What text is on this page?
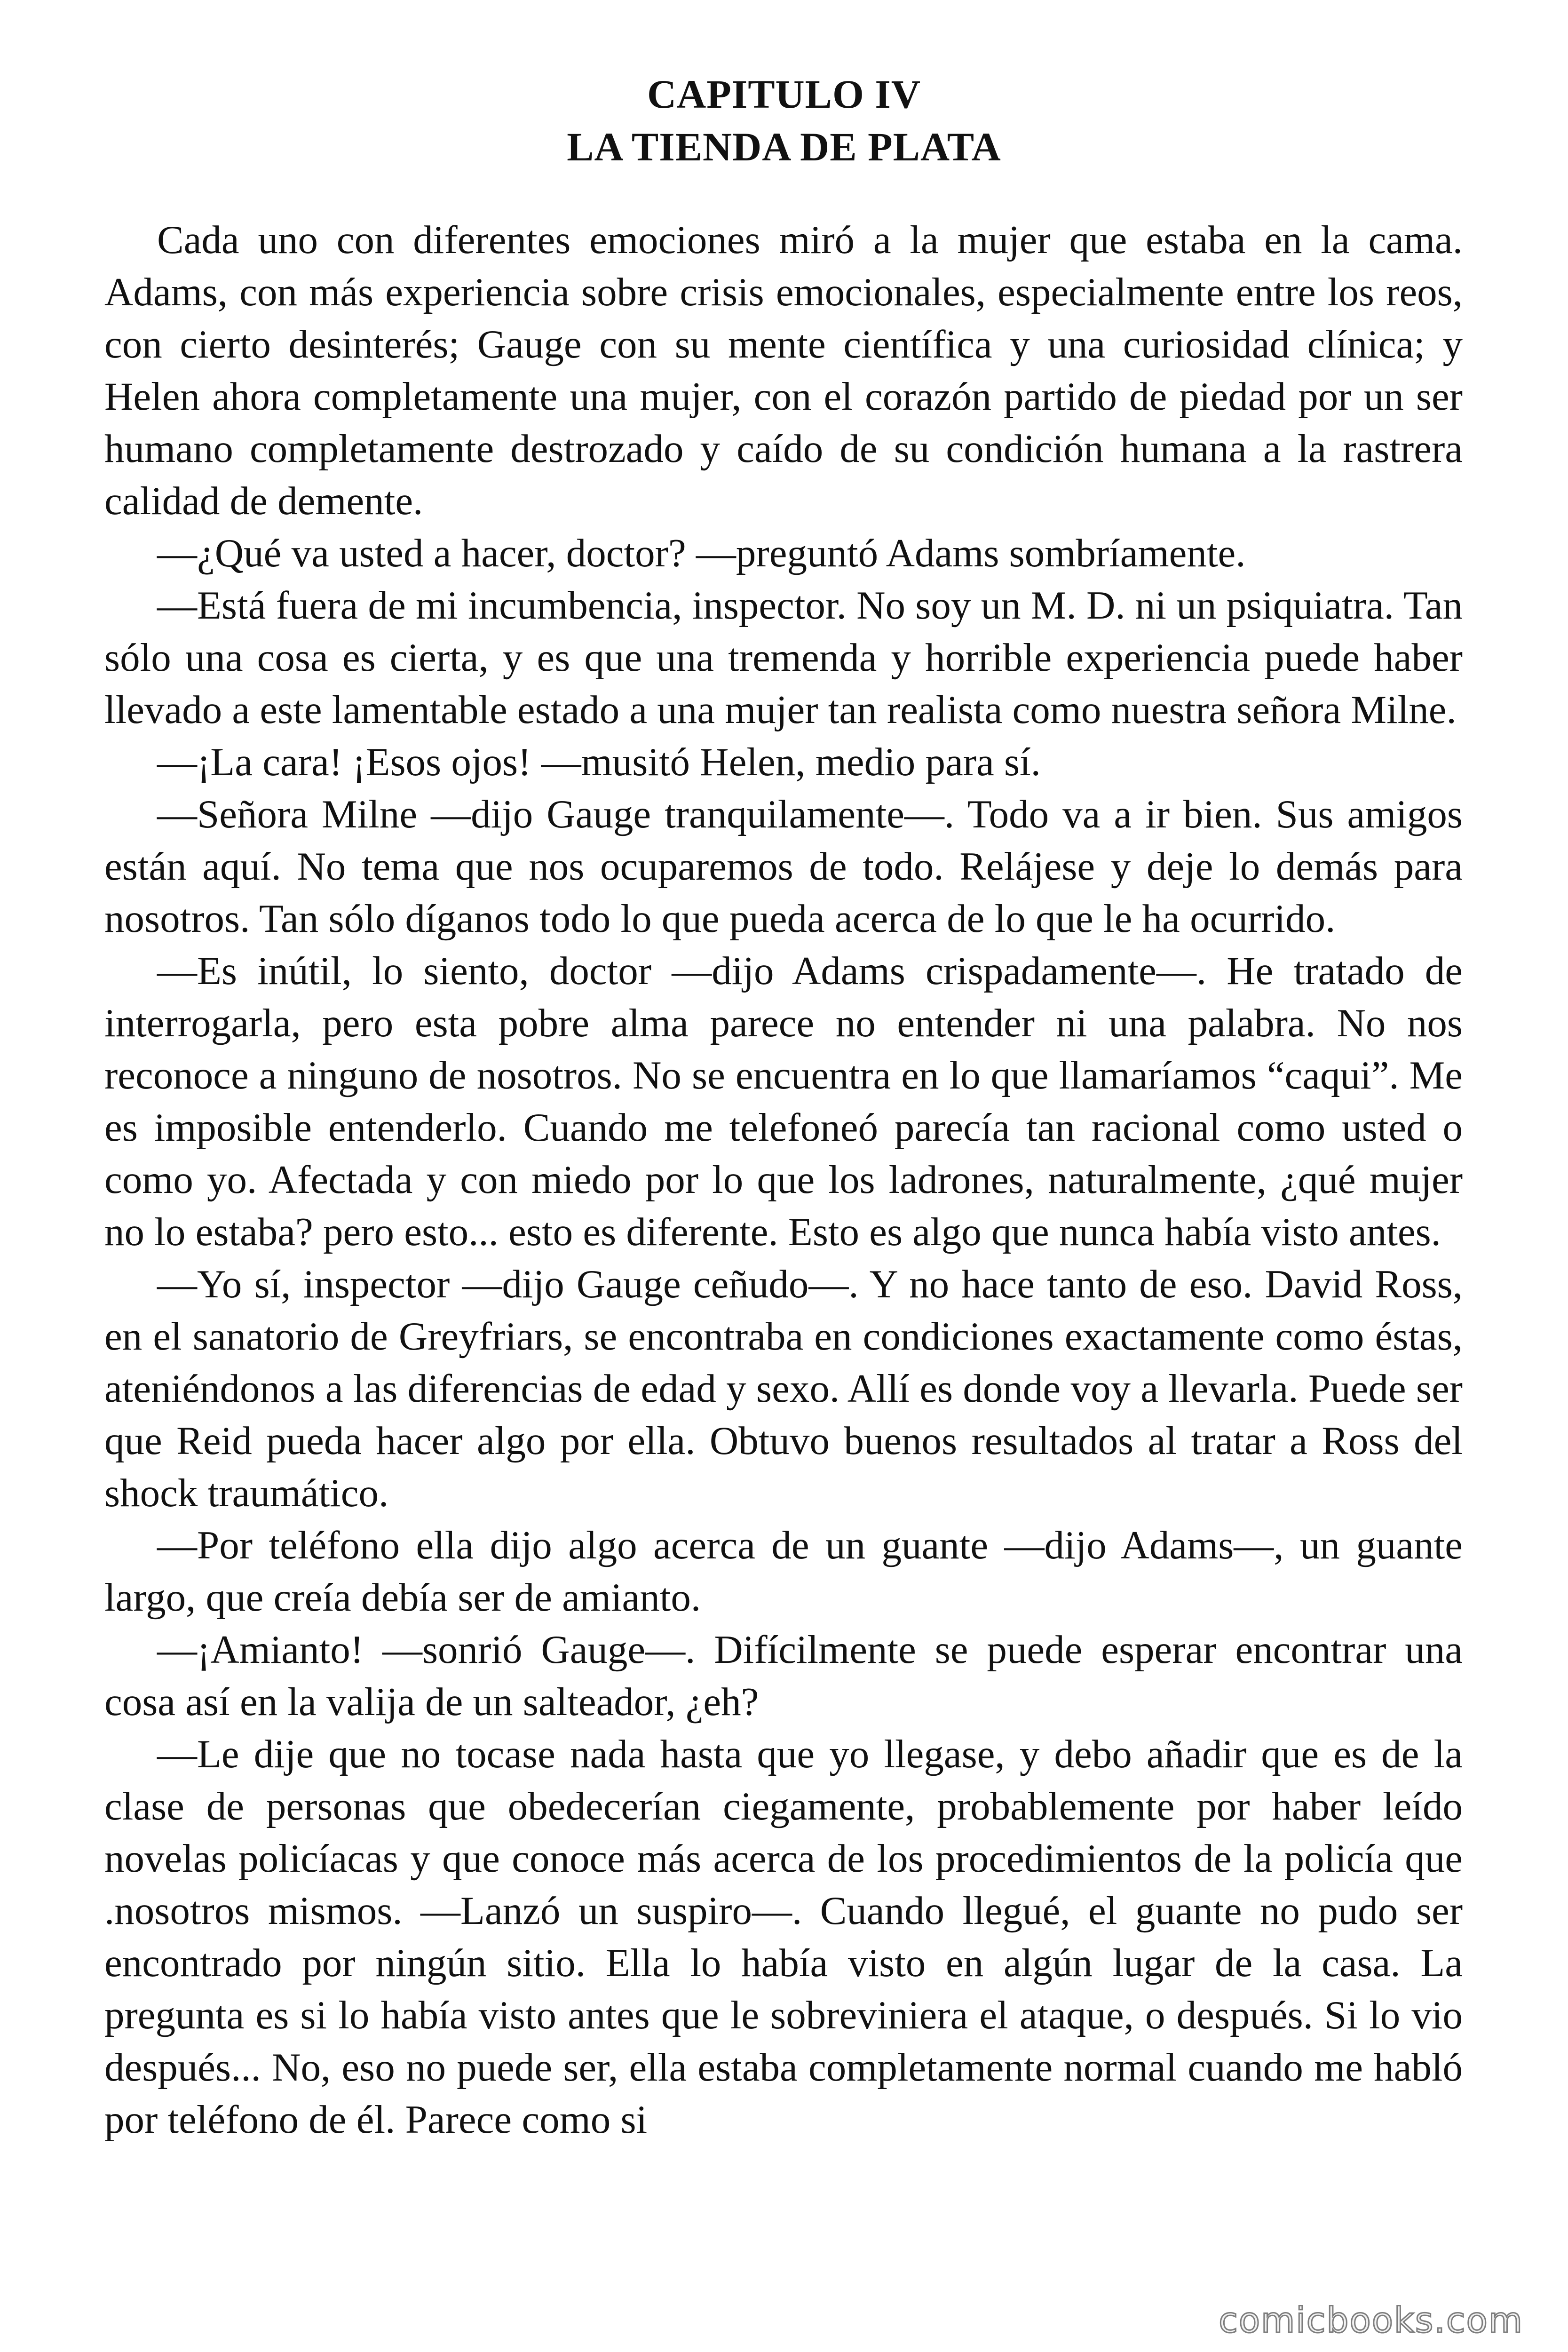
CAPITULO IV
LA TIENDA DE PLATA

Cada uno con diferentes emociones miró a la mujer que estaba en la cama. Adams, con más experiencia sobre crisis emocionales, especialmente entre los reos, con cierto desinterés; Gauge con su mente científica y una curiosidad clínica; y Helen ahora completamente una mujer, con el corazón partido de piedad por un ser humano completamente destrozado y caído de su condición humana a la rastrera calidad de demente.

—¿Qué va usted a hacer, doctor? —preguntó Adams sombríamente.

—Está fuera de mi incumbencia, inspector. No soy un M. D. ni un psiquiatra. Tan sólo una cosa es cierta, y es que una tremenda y horrible experiencia puede haber llevado a este lamentable estado a una mujer tan realista como nuestra señora Milne.

—¡La cara! ¡Esos ojos! —musitó Helen, medio para sí.

—Señora Milne —dijo Gauge tranquilamente—. Todo va a ir bien. Sus amigos están aquí. No tema que nos ocuparemos de todo. Relájese y deje lo demás para nosotros. Tan sólo díganos todo lo que pueda acerca de lo que le ha ocurrido.

—Es inútil, lo siento, doctor —dijo Adams crispadamente—. He tratado de interrogarla, pero esta pobre alma parece no entender ni una palabra. No nos reconoce a ninguno de nosotros. No se encuentra en lo que llamaríamos “caqui”. Me es imposible entenderlo. Cuando me telefoneó parecía tan racional como usted o como yo. Afectada y con miedo por lo que los ladrones, naturalmente, ¿qué mujer no lo estaba? pero esto... esto es diferente. Esto es algo que nunca había visto antes.

—Yo sí, inspector —dijo Gauge ceñudo—. Y no hace tanto de eso. David Ross, en el sanatorio de Greyfriars, se encontraba en condiciones exactamente como éstas, ateniéndonos a las diferencias de edad y sexo. Allí es donde voy a llevarla. Puede ser que Reid pueda hacer algo por ella. Obtuvo buenos resultados al tratar a Ross del shock traumático.

—Por teléfono ella dijo algo acerca de un guante —dijo Adams—, un guante largo, que creía debía ser de amianto.

—¡Amianto! —sonrió Gauge—. Difícilmente se puede esperar encontrar una cosa así en la valija de un salteador, ¿eh?

—Le dije que no tocase nada hasta que yo llegase, y debo añadir que es de la clase de personas que obedecerían ciegamente, probablemente por haber leído novelas policíacas y que conoce más acerca de los procedimientos de la policía que .nosotros mismos. —Lanzó un suspiro—. Cuando llegué, el guante no pudo ser encontrado por ningún sitio. Ella lo había visto en algún lugar de la casa. La pregunta es si lo había visto antes que le sobreviniera el ataque, o después. Si lo vio después... No, eso no puede ser, ella estaba completamente normal cuando me habló por teléfono de él. Parece como si

comicbooks.com
